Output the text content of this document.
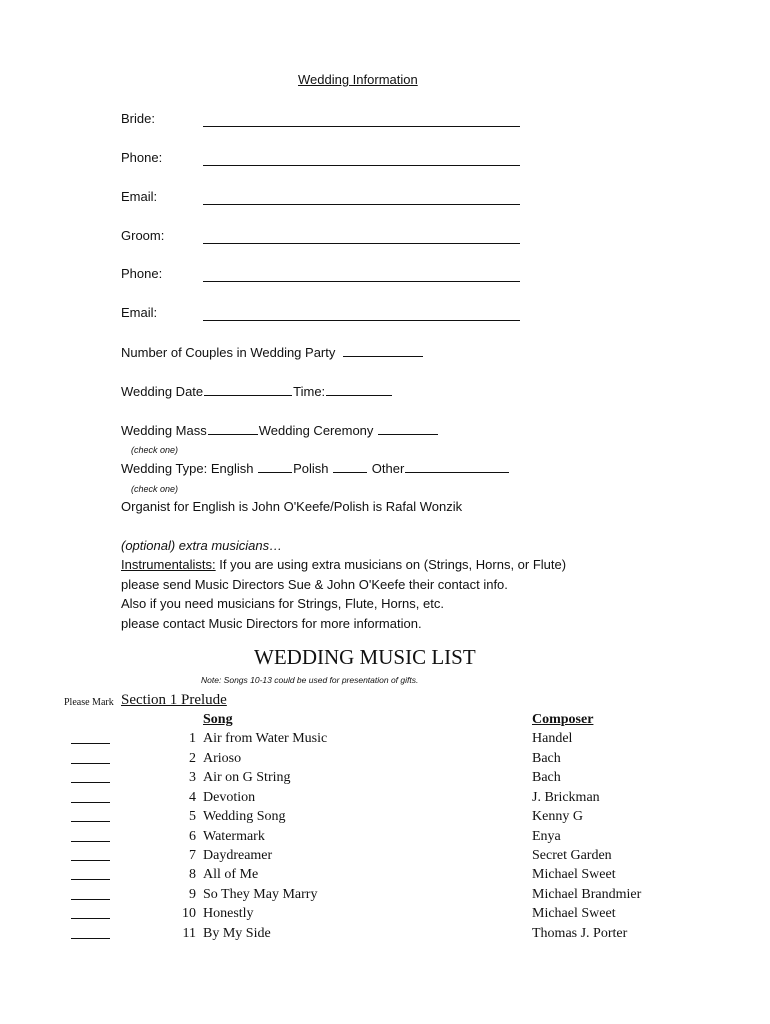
Wedding Information
Bride:
Phone:
Email:
Groom:
Phone:
Email:
Number of Couples in Wedding Party
Wedding Date	Time:
Wedding Mass	Wedding Ceremony
(check one)
Wedding Type: English	Polish	Other
(check one)
Organist for English is John O'Keefe/Polish is Rafal Wonzik
(optional) extra musicians…
Instrumentalists: If you are using extra musicians on (Strings, Horns, or Flute)
please send Music Directors Sue & John O'Keefe their contact info.
Also if you need musicians for Strings, Flute, Horns, etc.
please contact Music Directors for more information.
WEDDING MUSIC LIST
Note: Songs 10-13 could be used for presentation of gifts.
Please Mark Section 1 Prelude
Song	Composer
1 Air from Water Music	Handel
2 Arioso	Bach
3 Air on G String	Bach
4 Devotion	J. Brickman
5 Wedding Song	Kenny G
6 Watermark	Enya
7 Daydreamer	Secret Garden
8 All of Me	Michael Sweet
9 So They May Marry	Michael Brandmier
10 Honestly	Michael Sweet
11 By My Side	Thomas J. Porter
